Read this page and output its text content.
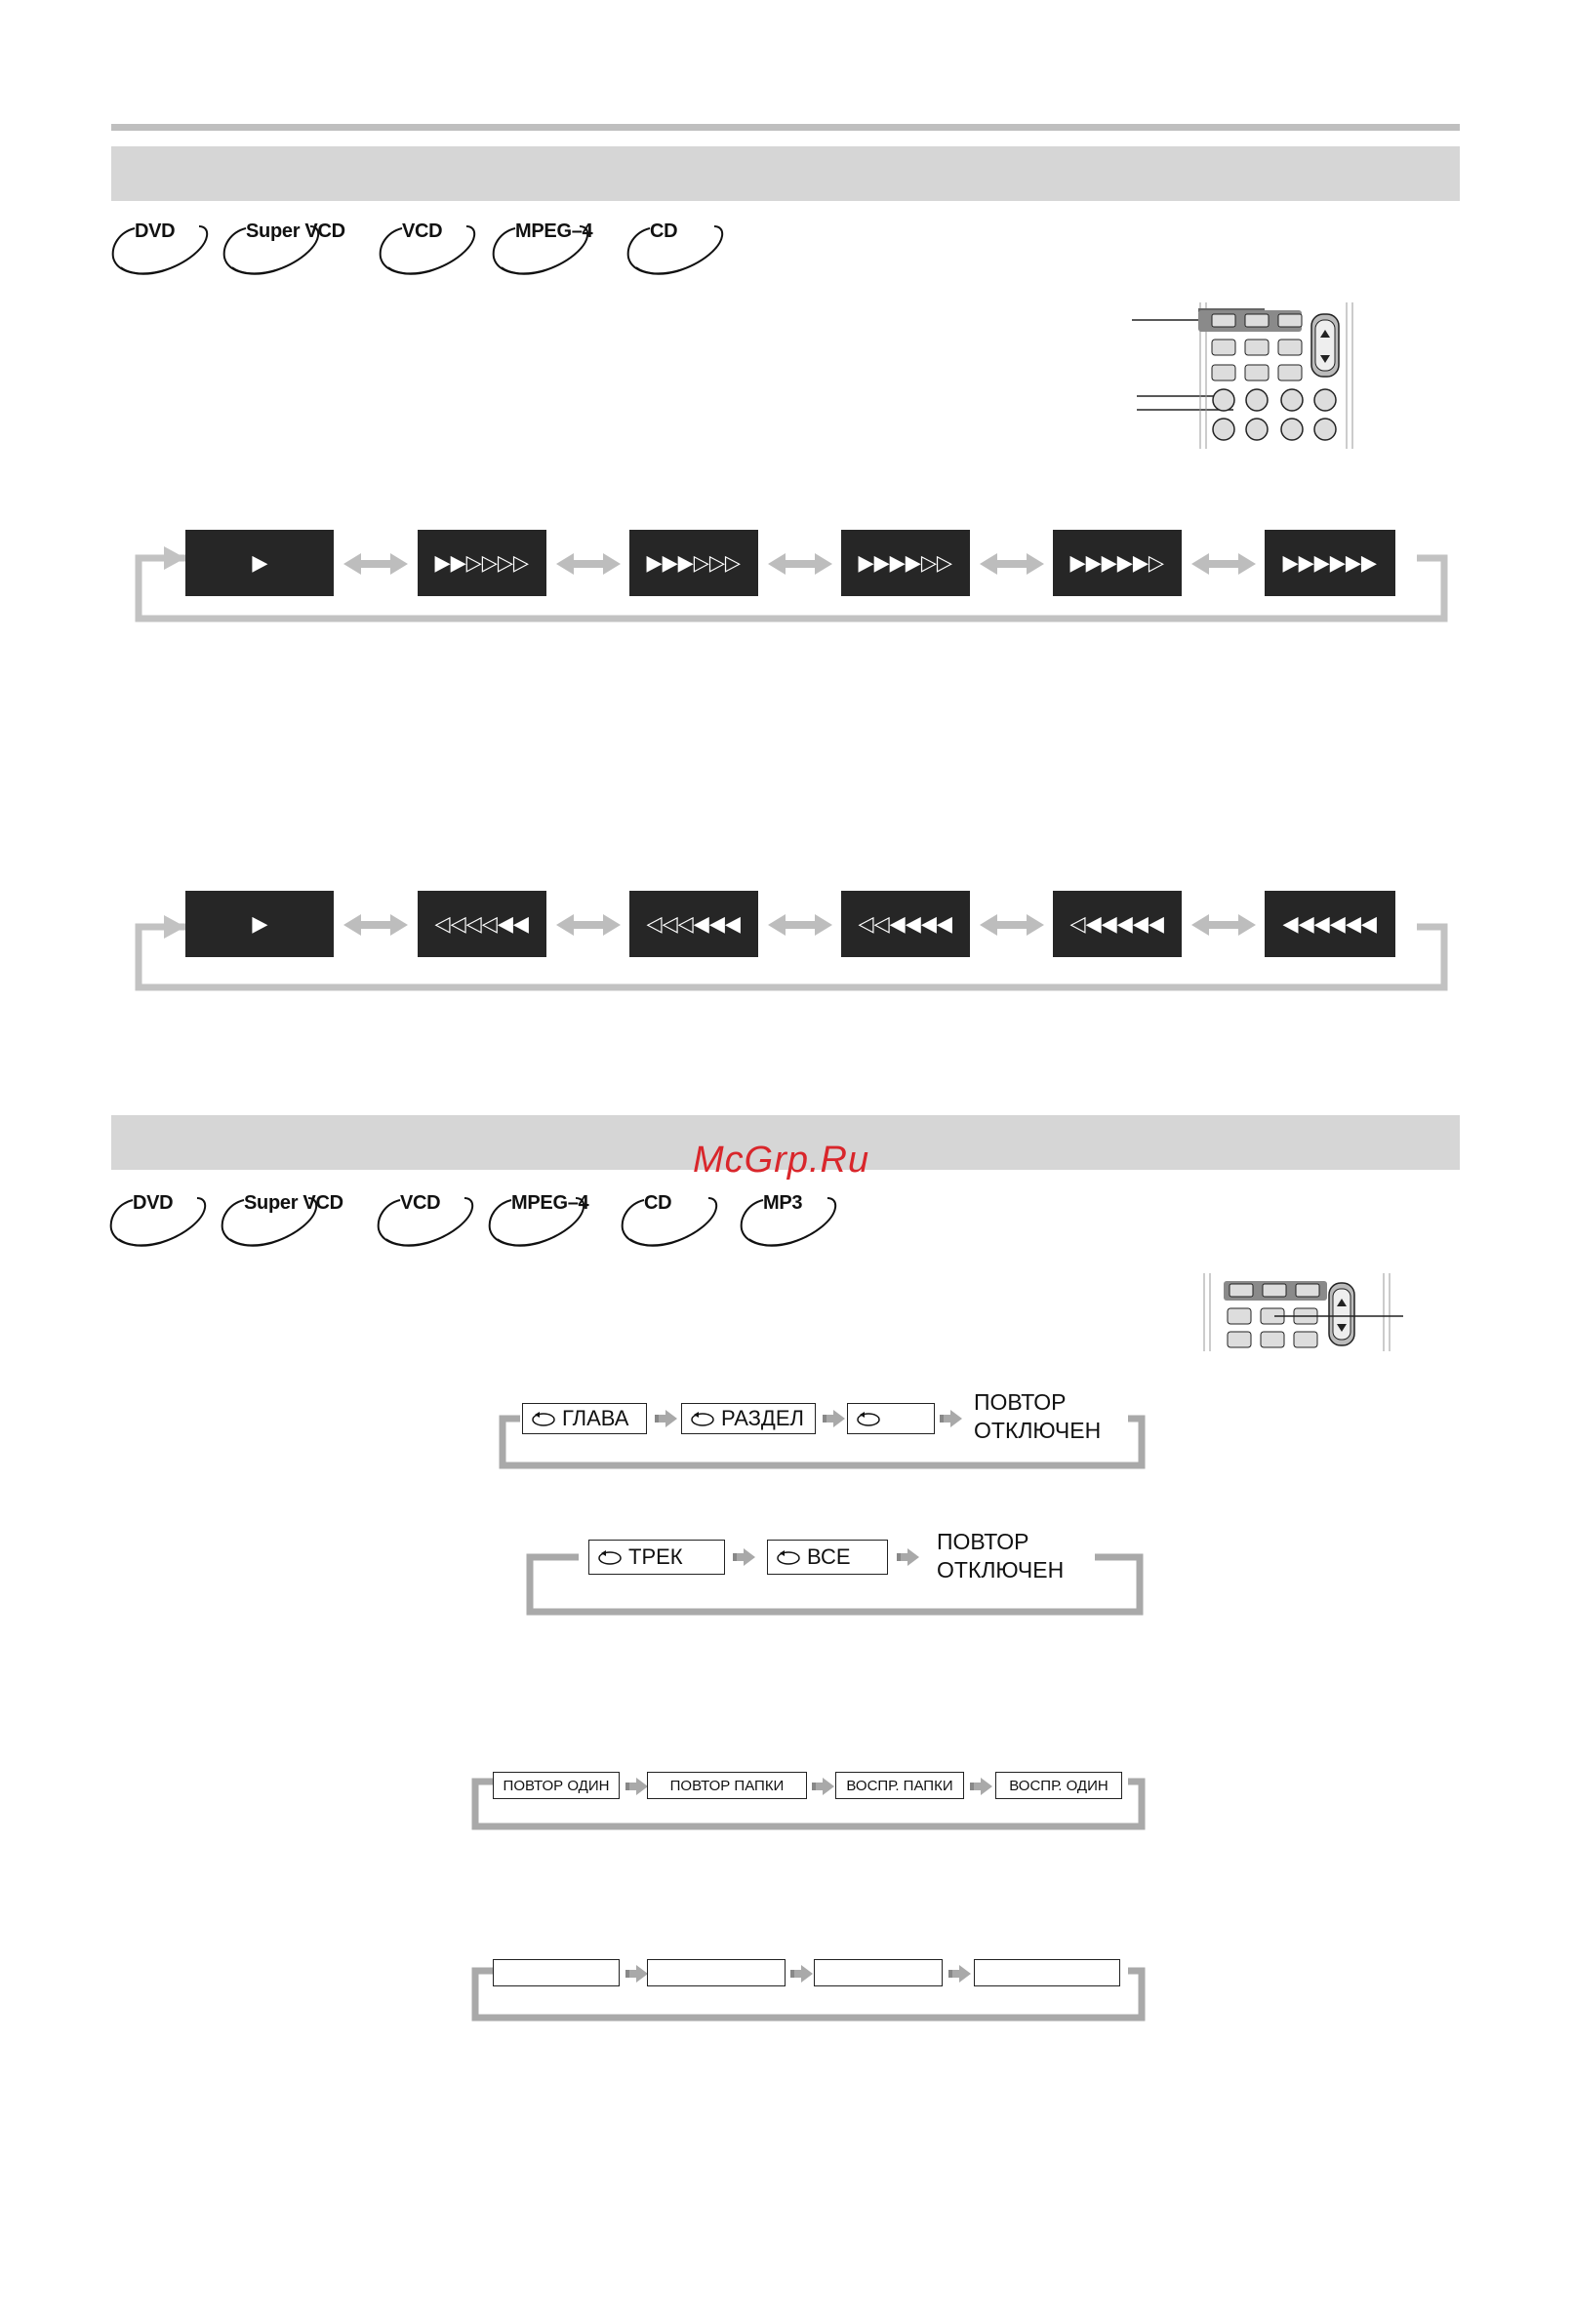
DVD	Super VCD	VCD	MPEG–4	CD
▶	▶▶▷▷▷▷	▶▶▶▷▷▷	▶▶▶▶▷▷	▶▶▶▶▶▷	▶▶▶▶▶▶
▶	◁◁◁◁◀◀	◁◁◁◀◀◀	◁◁◀◀◀◀	◁◀◀◀◀◀	◀◀◀◀◀◀
McGrp.Ru
DVD	Super VCD	VCD	MPEG–4	CD	MP3
ГЛАВА	РАЗДЕЛ
ПОВТОР
ОТКЛЮЧЕН
ТРЕК	ВСЕ
ПОВТОР
ОТКЛЮЧЕН
ПОВТОР ОДИН	ПОВТОР ПАПКИ	ВОСПР. ПАПКИ	ВОСПР. ОДИН
